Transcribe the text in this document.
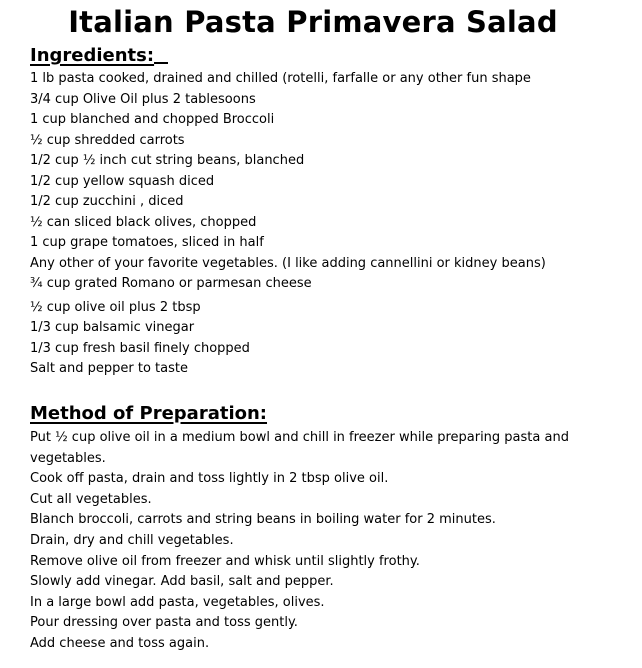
Italian Pasta Primavera Salad
Ingredients:
1 lb pasta cooked, drained and chilled (rotelli, farfalle or any other fun shape
3/4 cup Olive Oil plus 2 tablesoons
1 cup blanched and chopped Broccoli
½ cup shredded carrots
1/2 cup ½ inch cut string beans, blanched
1/2 cup yellow squash diced
1/2 cup zucchini , diced
½ can sliced black olives, chopped
1 cup grape tomatoes, sliced in half
Any other of your favorite vegetables. (I like adding cannellini or kidney beans)
¾ cup grated Romano or parmesan cheese
½ cup olive oil plus 2 tbsp
1/3 cup balsamic vinegar
1/3 cup fresh basil finely chopped
Salt and pepper to taste
Method of Preparation:
Put ½ cup olive oil in a medium bowl and chill in freezer while preparing pasta and
vegetables.
Cook off pasta, drain and toss lightly in 2 tbsp olive oil.
Cut all vegetables.
Blanch broccoli, carrots and string beans in boiling water for 2 minutes.
Drain, dry and chill vegetables.
Remove olive oil from freezer and whisk until slightly frothy.
Slowly add vinegar. Add basil, salt and pepper.
In a large bowl add pasta, vegetables, olives.
Pour dressing over pasta and toss gently.
Add cheese and toss again.
